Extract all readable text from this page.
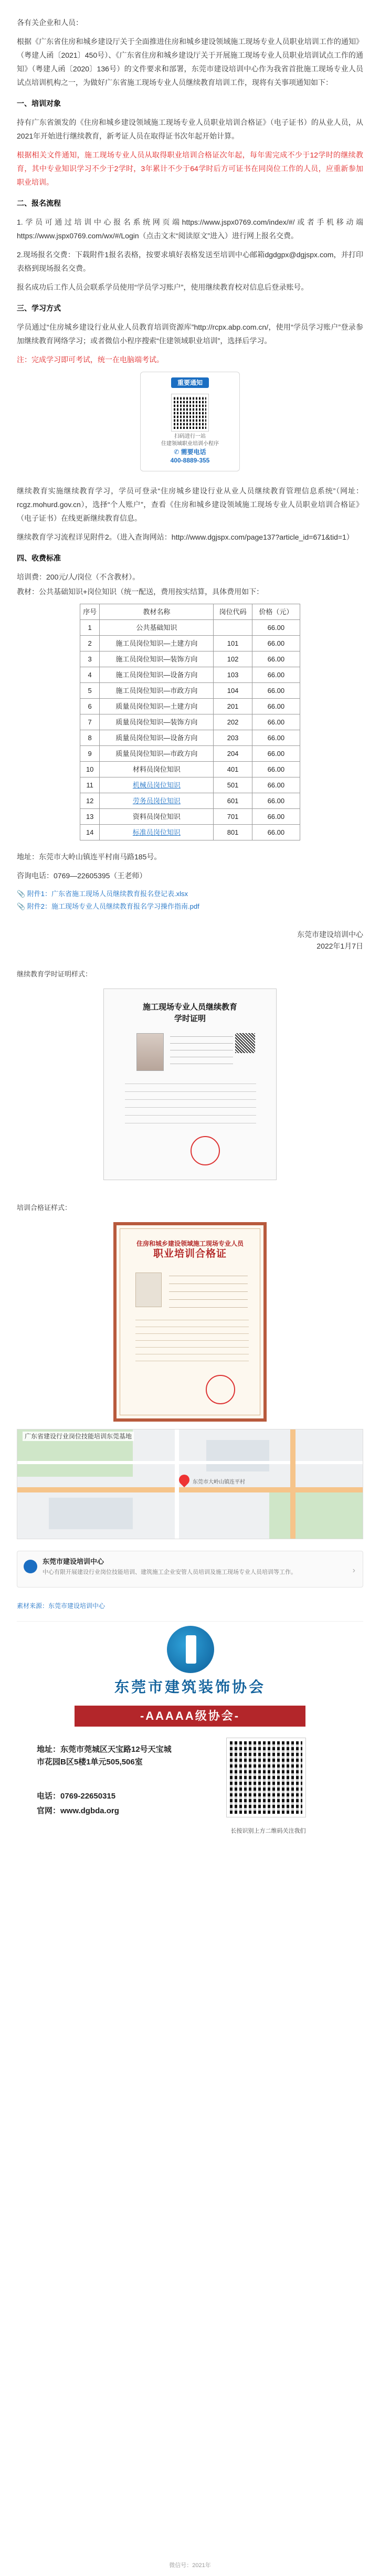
各有关企业和人员：

根据《广东省住房和城乡建设厅关于全面推进住房和城乡建设领域施工现场专业人员职业培训工作的通知》（粤建人函〔2021〕450号）、《广东省住房和城乡建设厅关于开展施工现场专业人员职业培训试点工作的通知》（粤建人函〔2020〕136号）的文件要求和部署，东莞市建设培训中心作为我省首批施工现场专业人员试点培训机构之一，为做好广东省施工现场专业人员继续教育培训工作，现将有关事项通知如下：

一、培训对象

持有广东省颁发的《住房和城乡建设领域施工现场专业人员职业培训合格证》（电子证书）的从业人员，从2021年开始进行继续教育，新考证人员在取得证书次年起开始计算。

根据相关文件通知，施工现场专业人员从取得职业培训合格证次年起，每年需完成不少于12学时的继续教育，其中专业知识学习不少于2学时，3年累计不少于64学时后方可证书在同岗位工作的人员，应重新参加职业培训。

二、报名流程

1.学员可通过培训中心报名系统网页端https://www.jspx0769.com/index/#/或者手机移动端https://www.jspx0769.com/wx/#/Login（点击文末“阅读原文”进入）进行网上报名交费。

2.现场报名交费：下载附件1报名表格，按要求填好表格发送至培训中心邮箱dgdgpx@dgjspx.com，并打印表格到现场报名交费。

报名成功后工作人员会联系学员使用“学员学习账户”，使用继续教育校对信息后登录账号。

三、学习方式

学员通过“住房城乡建设行业从业人员教育培训资源库”http://rcpx.abp.com.cn/，使用“学员学习账户”登录参加继续教育网络学习；或者微信小程序搜索“住建领域职业培训”，选择后学习。

注：完成学习即可考试，统一在电脑端考试。

重要通知
扫码进行一站
住建领域职业培训小程序
✆ 需要电话
400-8889-355

继续教育实施继续教育学习，学员可登录“住房城乡建设行业从业人员继续教育管理信息系统”（网址：rcgz.mohurd.gov.cn），选择“个人账户”，查看《住房和城乡建设领域施工现场专业人员职业培训合格证》（电子证书）在线更新继续教育信息。

继续教育学习流程详见附件2。（进入查询网站：http://www.dgjspx.com/page137?article_id=671&tid=1）

四、收费标准

培训费：200元/人/岗位（不含教材）。

教材：公共基础知识+岗位知识（统一配送，费用按实结算，具体费用如下：

序号	教材名称	岗位代码	价格（元）
1	公共基础知识		66.00
2	施工员岗位知识—土建方向	101	66.00
3	施工员岗位知识—装饰方向	102	66.00
4	施工员岗位知识—设备方向	103	66.00
5	施工员岗位知识—市政方向	104	66.00
6	质量员岗位知识—土建方向	201	66.00
7	质量员岗位知识—装饰方向	202	66.00
8	质量员岗位知识—设备方向	203	66.00
9	质量员岗位知识—市政方向	204	66.00
10	材料员岗位知识	401	66.00
11	机械员岗位知识	501	66.00
12	劳务员岗位知识	601	66.00
13	资料员岗位知识	701	66.00
14	标准员岗位知识	801	66.00

地址：东莞市大岭山镇连平村南马路185号。

咨询电话：0769—22605395（王老师）

📎 附件1：广东省施工现场人员继续教育报名登记表.xlsx
📎 附件2：施工现场专业人员继续教育报名学习操作指南.pdf
东莞市建设培训中心
2022年1月7日
继续教育学时证明样式：
施工现场专业人员继续教育
学时证明
培训合格证样式：
住房和城乡建设领域施工现场专业人员
职业培训合格证
广东省建设行业岗位技能培训东莞基地
东莞市大岭山镇连平村
东莞市建设培训中心
中心有限开展建设行业岗位技能培训、建筑施工企业安管人员培训及施工现场专业人员培训等工作。	›
素材来源：东莞市建设培训中心
东莞市建筑装饰协会
-AAAAA级协会-
地址：东莞市莞城区天宝路12号天宝城市花园B区5楼1单元505,506室
电话：0769-22650315
官网：www.dgbda.org
长按识别上方二维码关注我们
微信号：2021年
